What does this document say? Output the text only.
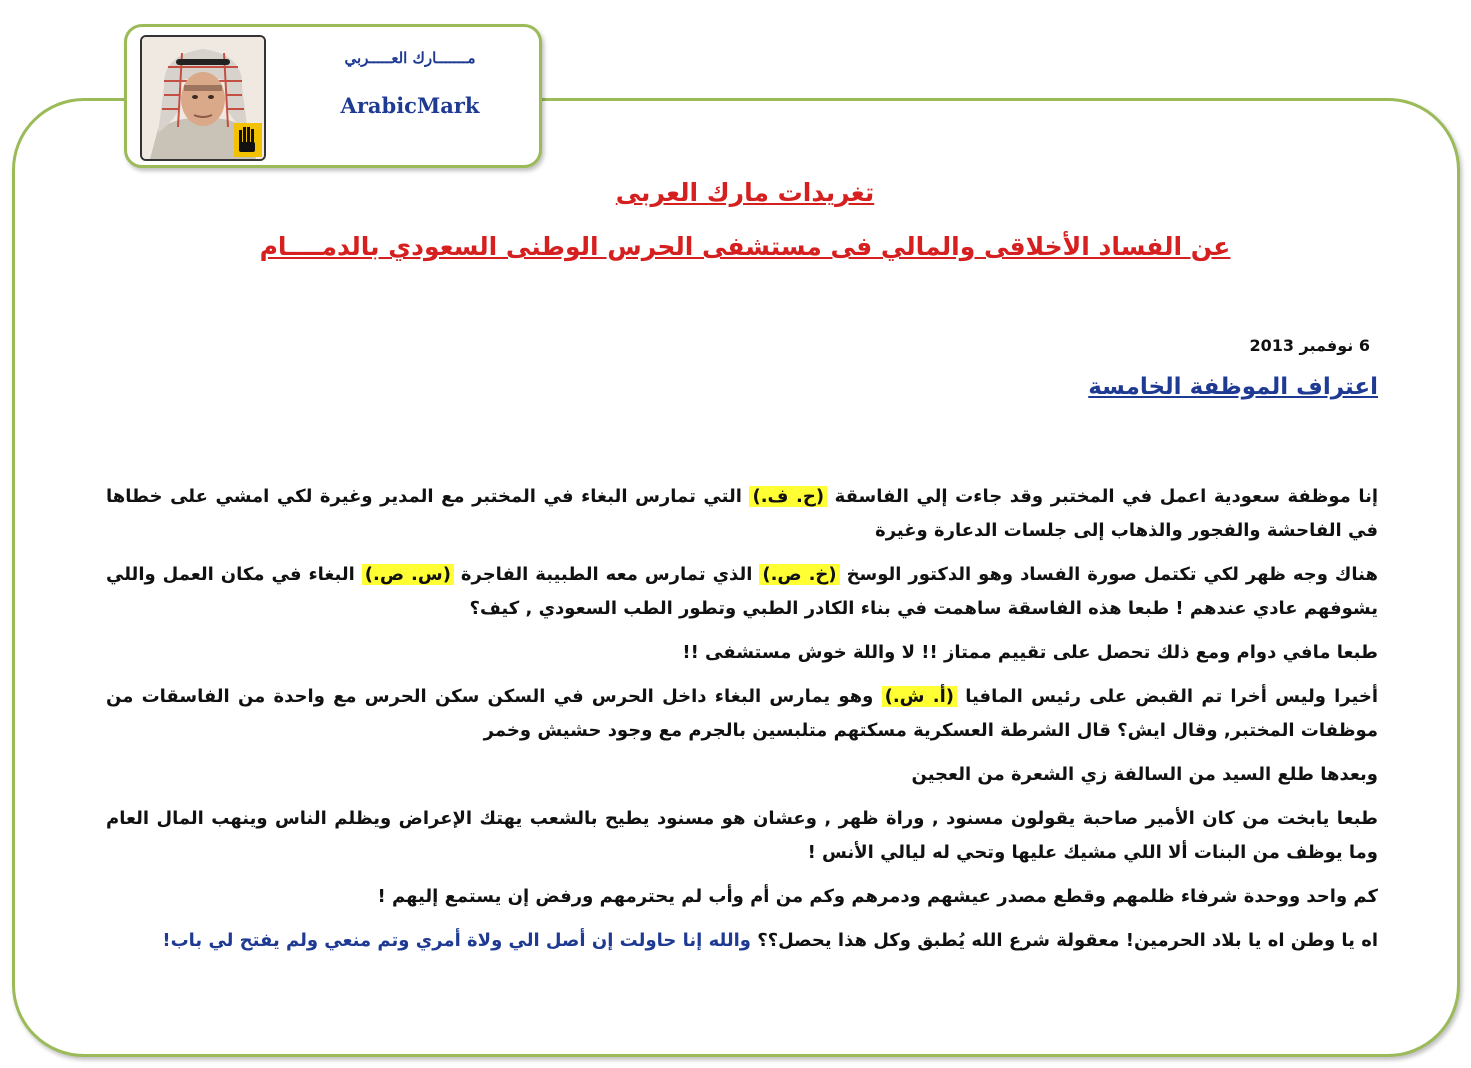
مـــــــارك العـــــربي
ArabicMark
تغريدات مارك العربى
عن الفساد الأخلاقى والمالي فى مستشفى الحرس الوطنى السعودي بالدمــــام
6 نوفمبر 2013
اعتراف الموظفة الخامسة

إنا موظفة سعودية اعمل في المختبر وقد جاءت إلي الفاسقة (ح. ف.) التي تمارس البغاء في المختبر مع المدير وغيرة لكي امشي على خطاها في الفاحشة والفجور والذهاب إلى جلسات الدعارة وغيرة

هناك وجه ظهر لكي تكتمل صورة الفساد وهو الدكتور الوسخ (خ. ص.) الذي تمارس معه الطبيبة الفاجرة (س. ص.) البغاء في مكان العمل واللي يشوفهم عادي عندهم ! طبعا هذه الفاسقة ساهمت في بناء الكادر الطبي وتطور الطب السعودي , كيف؟

طبعا مافي دوام ومع ذلك تحصل على تقييم ممتاز !! لا واللة خوش مستشفى !!

أخيرا وليس أخرا تم القبض على رئيس المافيا (أ. ش.) وهو يمارس البغاء داخل الحرس في السكن سكن الحرس مع واحدة من الفاسقات من موظفات المختبر, وقال ايش؟ قال الشرطة العسكرية مسكتهم متلبسين بالجرم مع وجود حشيش وخمر

وبعدها طلع السيد من السالفة زي الشعرة من العجين

طبعا يابخت من كان الأمير صاحبة يقولون مسنود , وراة ظهر , وعشان هو مسنود يطيح بالشعب يهتك الإعراض ويظلم الناس وينهب المال العام وما يوظف من البنات ألا اللي مشيك عليها وتحي له ليالي الأنس !

كم واحد ووحدة شرفاء ظلمهم وقطع مصدر عيشهم ودمرهم وكم من أم وأب لم يحترمهم ورفض إن يستمع إليهم !

اه يا وطن اه يا بلاد الحرمين! معقولة شرع الله يُطبق وكل هذا يحصل؟؟ والله إنا حاولت إن أصل الي ولاة أمري وتم منعي ولم يفتح لي باب!
